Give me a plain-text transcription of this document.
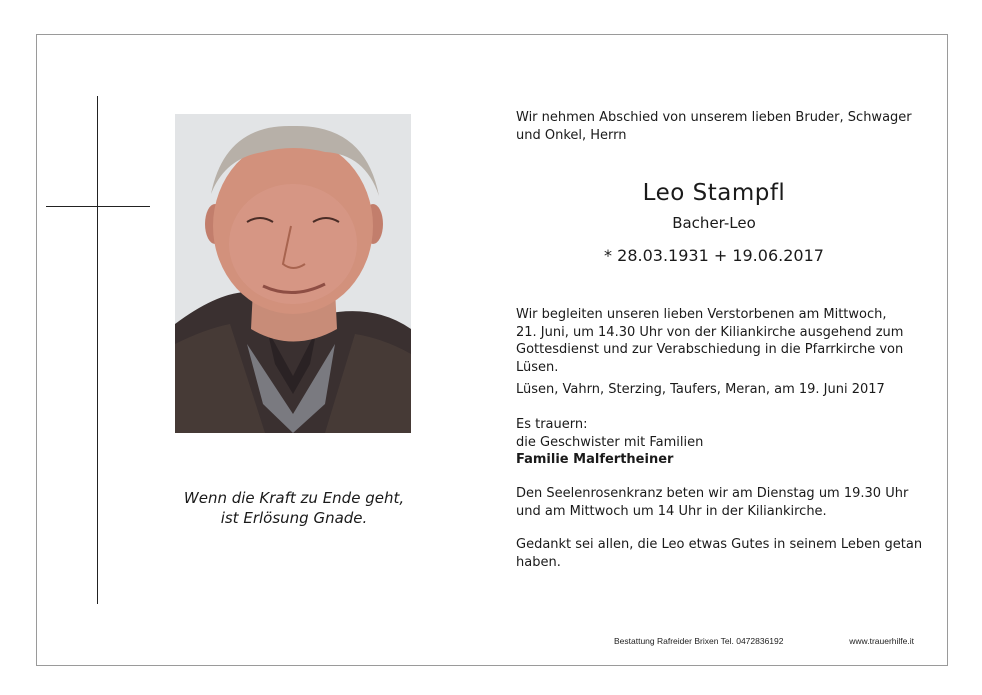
Wenn die Kraft zu Ende geht,
ist Erlösung Gnade.
Wir nehmen Abschied von unserem lieben Bruder, Schwager
und Onkel, Herrn
Leo Stampfl
Bacher-Leo
* 28.03.1931 + 19.06.2017
Wir begleiten unseren lieben Verstorbenen am Mittwoch,
21. Juni, um 14.30 Uhr von der Kiliankirche ausgehend zum
Gottesdienst und zur Verabschiedung in die Pfarrkirche von
Lüsen.
Lüsen, Vahrn, Sterzing, Taufers, Meran, am 19. Juni 2017
Es trauern:
die Geschwister mit Familien
Familie Malfertheiner
Den Seelenrosenkranz beten wir am Dienstag um 19.30 Uhr
und am Mittwoch um 14 Uhr in der Kiliankirche.
Gedankt sei allen, die Leo etwas Gutes in seinem Leben getan
haben.
Bestattung Rafreider Brixen Tel. 0472836192	www.trauerhilfe.it
